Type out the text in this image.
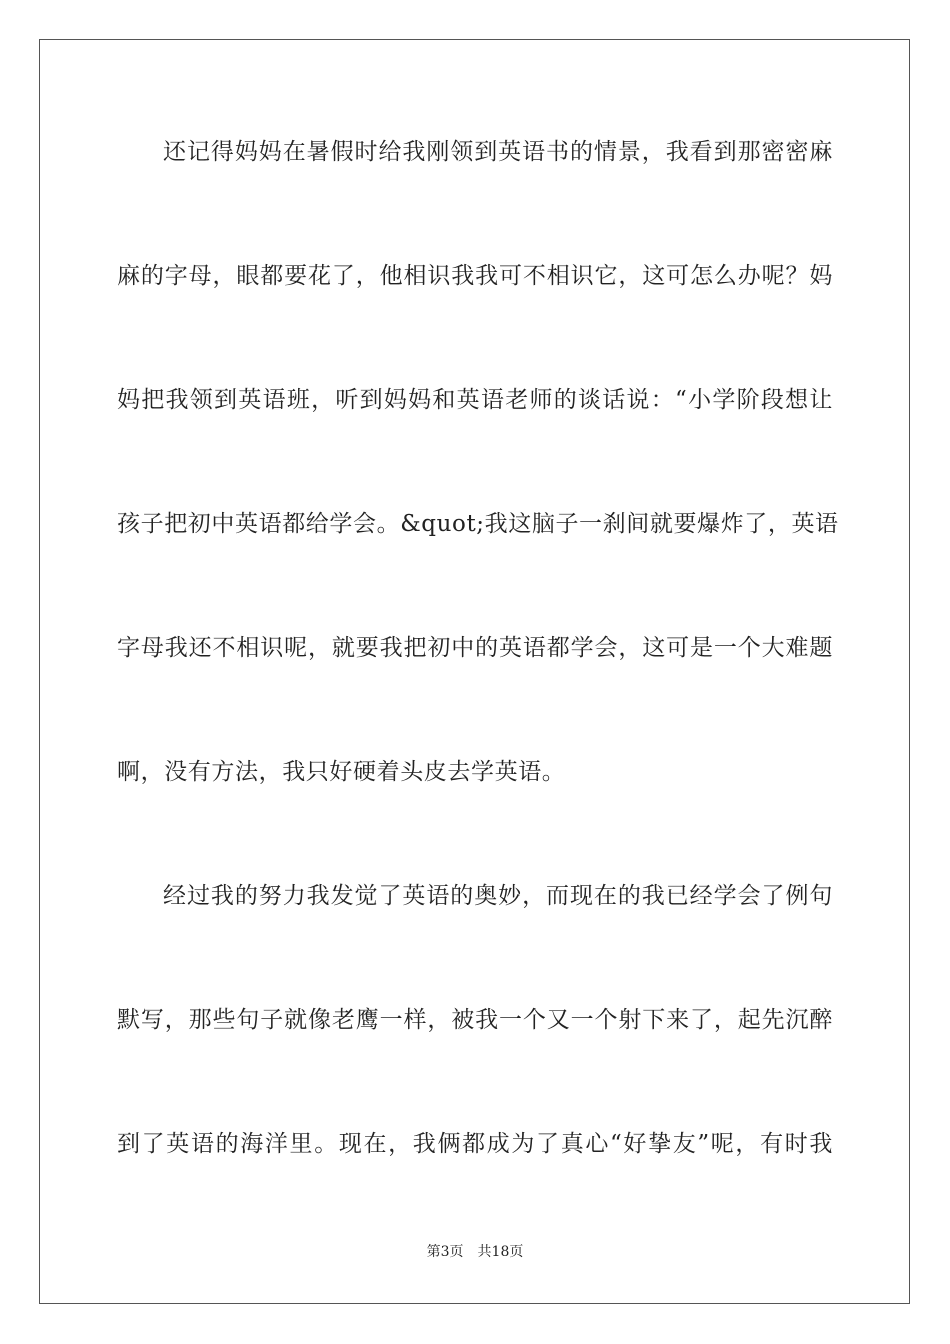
还记得妈妈在暑假时给我刚领到英语书的情景，我看到那密密麻
麻的字母，眼都要花了，他相识我我可不相识它，这可怎么办呢？妈
妈把我领到英语班，听到妈妈和英语老师的谈话说：“小学阶段想让
孩子把初中英语都给学会。&quot;我这脑子一刹间就要爆炸了，英语
字母我还不相识呢，就要我把初中的英语都学会，这可是一个大难题
啊，没有方法，我只好硬着头皮去学英语。
经过我的努力我发觉了英语的奥妙，而现在的我已经学会了例句
默写，那些句子就像老鹰一样，被我一个又一个射下来了，起先沉醉
到了英语的海洋里。现在，我俩都成为了真心“好挚友”呢，有时我
第3页　共18页
